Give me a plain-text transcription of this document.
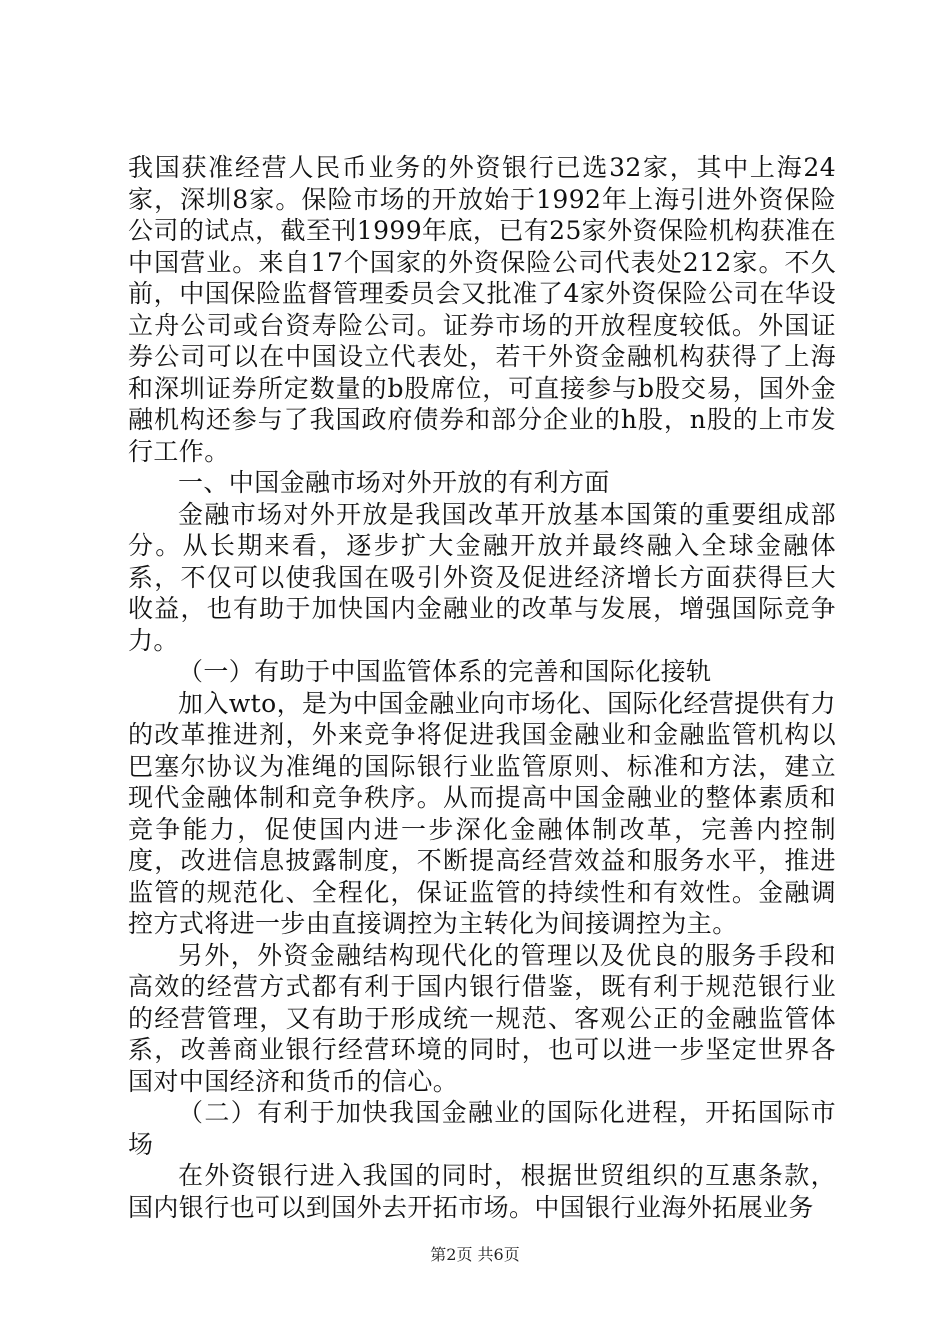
我国获准经营人民币业务的外资银行已选32家，其中上海24家，深圳8家。保险市场的开放始于1992年上海引进外资保险公司的试点，截至刊1999年底，已有25家外资保险机构获准在中国营业。来自17个国家的外资保险公司代表处212家。不久前，中国保险监督管理委员会又批准了4家外资保险公司在华设立舟公司或台资寿险公司。证券市场的开放程度较低。外国证券公司可以在中国设立代表处，若干外资金融机构获得了上海和深圳证券所定数量的b股席位，可直接参与b股交易，国外金融机构还参与了我国政府债券和部分企业的h股，n股的上市发行工作。

一、中国金融市场对外开放的有利方面

金融市场对外开放是我国改革开放基本国策的重要组成部分。从长期来看，逐步扩大金融开放并最终融入全球金融体系，不仅可以使我国在吸引外资及促进经济增长方面获得巨大收益，也有助于加快国内金融业的改革与发展，增强国际竞争力。

（一）有助于中国监管体系的完善和国际化接轨

加入wto，是为中国金融业向市场化、国际化经营提供有力的改革推进剂，外来竞争将促进我国金融业和金融监管机构以巴塞尔协议为准绳的国际银行业监管原则、标准和方法，建立现代金融体制和竞争秩序。从而提高中国金融业的整体素质和竞争能力，促使国内进一步深化金融体制改革，完善内控制度，改进信息披露制度，不断提高经营效益和服务水平，推进监管的规范化、全程化，保证监管的持续性和有效性。金融调控方式将进一步由直接调控为主转化为间接调控为主。

另外，外资金融结构现代化的管理以及优良的服务手段和高效的经营方式都有利于国内银行借鉴，既有利于规范银行业的经营管理，又有助于形成统一规范、客观公正的金融监管体系，改善商业银行经营环境的同时，也可以进一步坚定世界各国对中国经济和货币的信心。

（二）有利于加快我国金融业的国际化进程，开拓国际市场

在外资银行进入我国的同时，根据世贸组织的互惠条款，国内银行也可以到国外去开拓市场。中国银行业海外拓展业务

第2页 共6页
